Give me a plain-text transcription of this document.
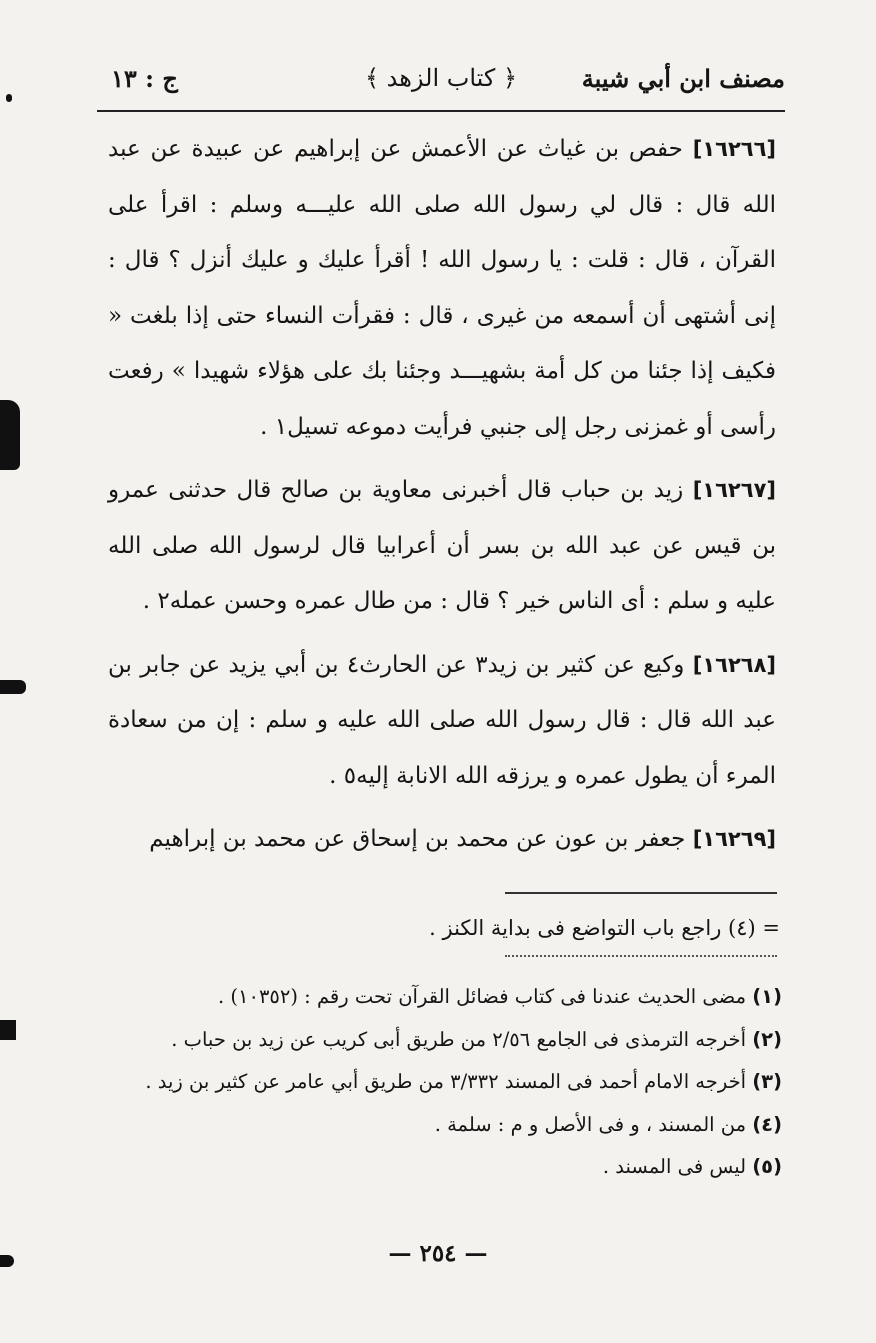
مصنف ابن أبي شيبة
﴿ كتاب الزهد ﴾
ج : ١٣

[١٦٢٦٦] حفص بن غياث عن الأعمش عن إبراهيم عن عبيدة عن عبد الله قال : قال لي رسول الله صلى الله عليـــه وسلم : اقرأ على القرآن ، قال : قلت : يا رسول الله ! أقرأ عليك و عليك أنزل ؟ قال : إنى أشتهى أن أسمعه من غيرى ، قال : فقرأت النساء حتى إذا بلغت « فكيف إذا جئنا من كل أمة بشهيـــد وجئنا بك على هؤلاء شهيدا » رفعت رأسى أو غمزنى رجل إلى جنبي فرأيت دموعه تسيل١ .

[١٦٢٦٧] زيد بن حباب قال أخبرنى معاوية بن صالح قال حدثنى عمرو بن قيس عن عبد الله بن بسر أن أعرابيا قال لرسول الله صلى الله عليه و سلم : أى الناس خير ؟ قال : من طال عمره وحسن عمله٢ .

[١٦٢٦٨] وكيع عن كثير بن زيد٣ عن الحارث٤ بن أبي يزيد عن جابر بن عبد الله قال : قال رسول الله صلى الله عليه و سلم : إن من سعادة المرء أن يطول عمره و يرزقه الله الانابة إليه٥ .

[١٦٢٦٩] جعفر بن عون عن محمد بن إسحاق عن محمد بن إبراهيم

= (٤) راجع باب التواضع فى بداية الكنز .
(١) مضى الحديث عندنا فى كتاب فضائل القرآن تحت رقم : (١٠٣٥٢) .
(٢) أخرجه الترمذى فى الجامع ٢/٥٦ من طريق أبى كريب عن زيد بن حباب .
(٣) أخرجه الامام أحمد فى المسند ٣/٣٣٢ من طريق أبي عامر عن كثير بن زيد .
(٤) من المسند ، و فى الأصل و م : سلمة .
(٥) ليس فى المسند .
— ٢٥٤ —
